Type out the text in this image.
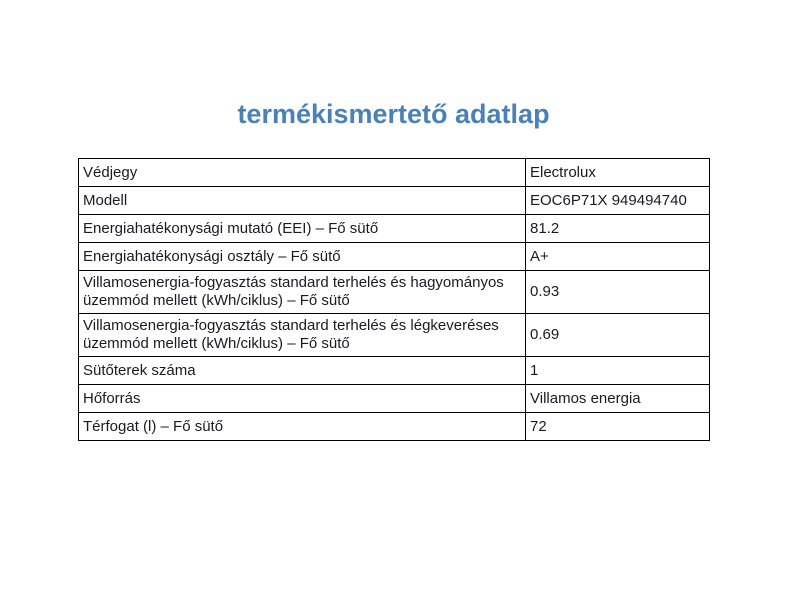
termékismertető adatlap
Védjegy	Electrolux
Modell	EOC6P71X 949494740
Energiahatékonysági mutató (EEI) – Fő sütő	81.2
Energiahatékonysági osztály – Fő sütő	A+
Villamosenergia-fogyasztás standard terhelés és hagyományos üzemmód mellett (kWh/ciklus) – Fő sütő	0.93
Villamosenergia-fogyasztás standard terhelés és légkeveréses üzemmód mellett (kWh/ciklus) – Fő sütő	0.69
Sütőterek száma	1
Hőforrás	Villamos energia
Térfogat (l) – Fő sütő	72
